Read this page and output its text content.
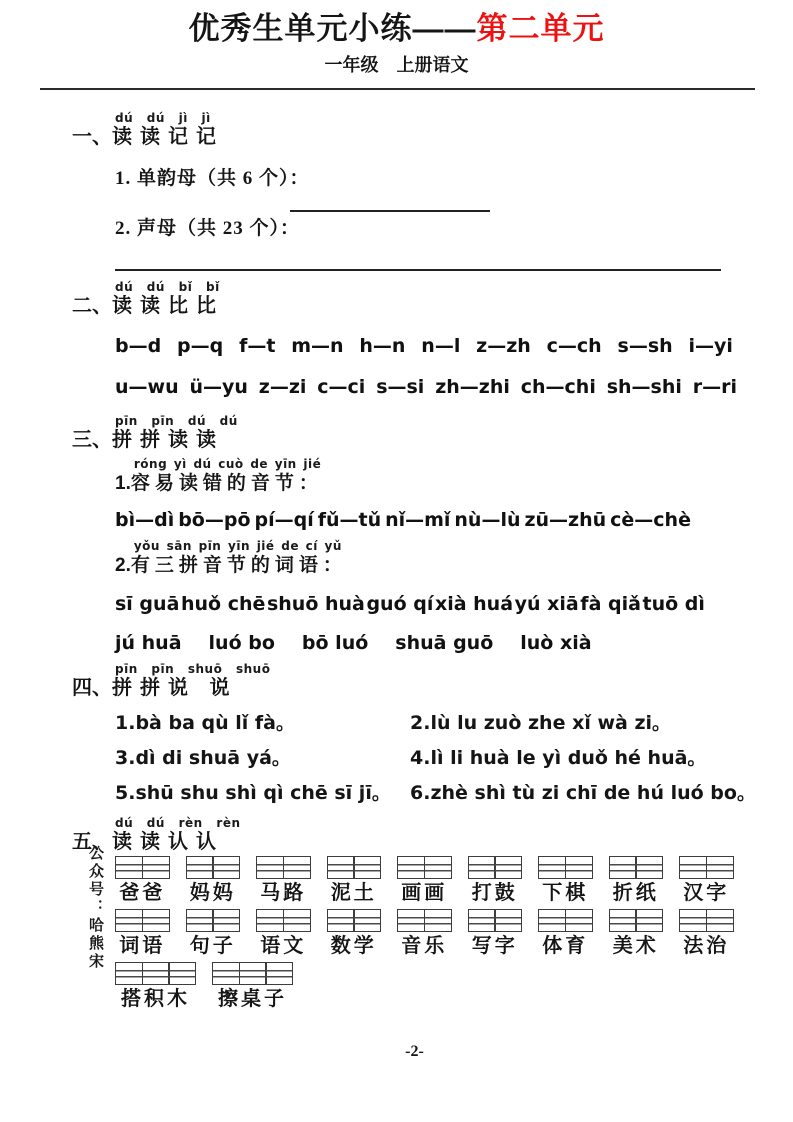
优秀生单元小练——第二单元
一年级　上册语文
一、
dú dú jì jì
读读记记
1. 单韵母（共 6 个）：
2. 声母（共 23 个）：
二、
dú dú bǐ bǐ
读读比比
b—d p—q f—t m—n h—n n—l z—zh c—ch s—sh i—yi
u—wu ü—yu z—zi c—ci s—si zh—zhi ch—chi sh—shi r—ri
三、
pīn pīn dú dú
拼拼读读
1.
róng yì dú cuò de yīn jié
容易读错的音节：
bì—dì bō—pō pí—qí fǔ—tǔ nǐ—mǐ nù—lù zū—zhū cè—chè
2.
yǒu sān pīn yīn jié de cí yǔ
有三拼音节的词语：
sī guā huǒ chē shuō huà guó qí xià huá yú xiā fà qiǎ tuō dì
jú huā luó bo bō luó shuā guō luò xià
四、
pīn pīn shuō shuō
拼拼说 说
1.bà ba qù lǐ fà。	2.lù lu zuò zhe xǐ wà zi。
3.dì di shuā yá。	4.lì li huà le yì duǒ hé huā。
5.shū shu shì qì chē sī jī。	6.zhè shì tù zi chī de hú luó bo。
五、
dú dú rèn rèn
读读认认
公众号：哈熊宋 爸爸 妈妈 马路 泥土 画画 打鼓 下棋 折纸 汉字
词语 句子 语文 数学 音乐 写字 体育 美术 法治
搭积木 擦桌子
-2-
